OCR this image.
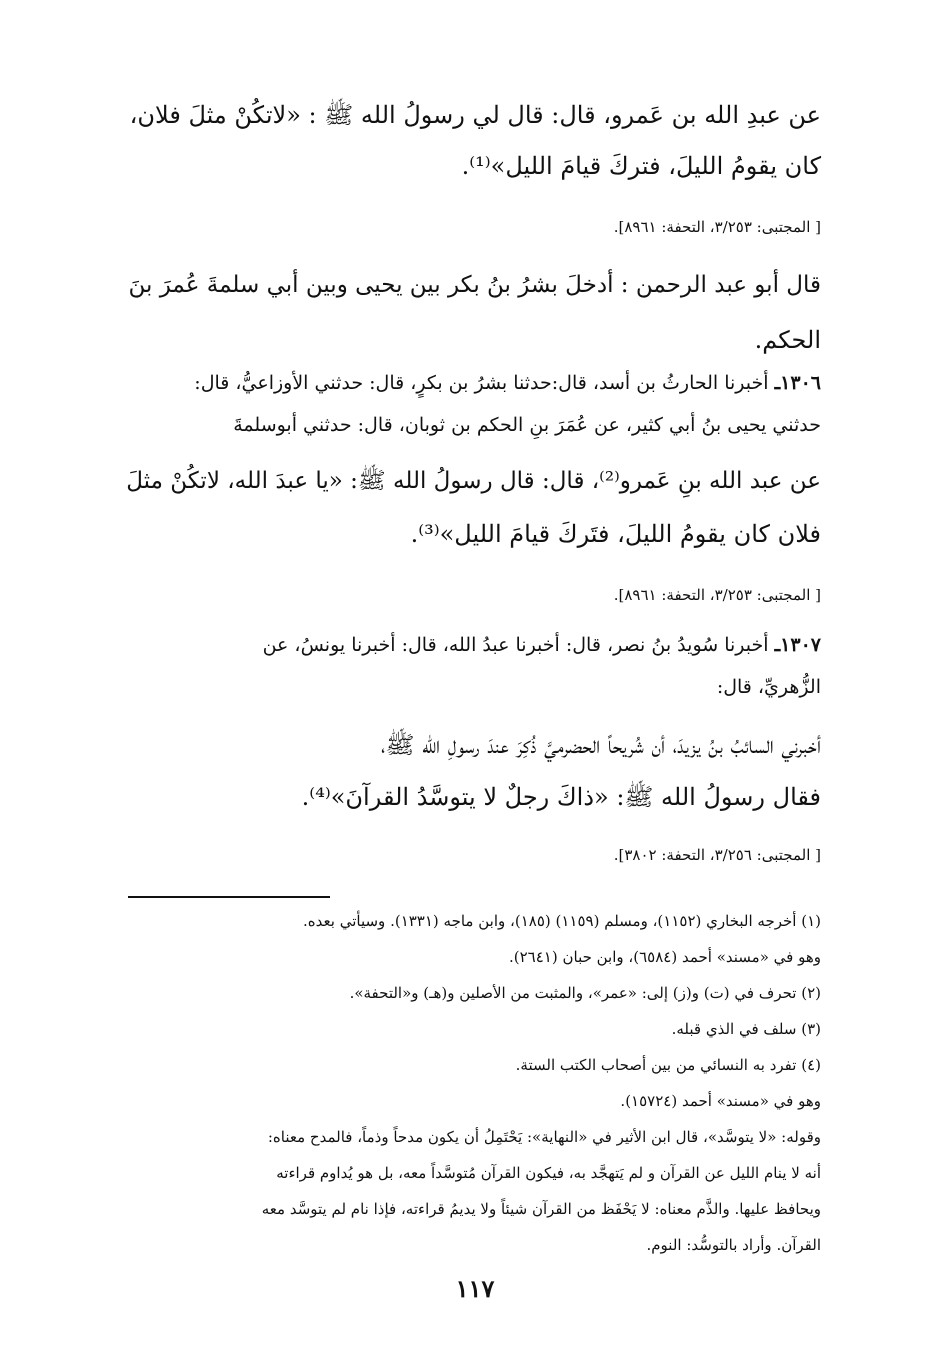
عن عبدِ الله بن عَمرو، قال: قال لي رسولُ الله ﷺ : «لاتكُنْ مثلَ فلان،
كان يقومُ الليلَ، فتركَ قيامَ الليل»⁽¹⁾.
[ المجتبى: ٣/٢٥٣، التحفة: ٨٩٦١].
قال أبو عبد الرحمن : أدخلَ بشرُ بنُ بكر بين يحيى وبين أبي سلمةَ عُمرَ بنَ
الحكم.
١٣٠٦ـ أخبرنا الحارثُ بن أسد، قال:حدثنا بشرُ بن بكرٍ، قال: حدثني الأوزاعيُّ، قال:
حدثني يحيى بنُ أبي كثير، عن عُمَرَ بنِ الحكم بن ثوبان، قال: حدثني أبوسلمةَ
عن عبد الله بنِ عَمرو⁽²⁾، قال: قال رسولُ الله ﷺ: «يا عبدَ الله، لاتكُنْ مثلَ
فلان كان يقومُ الليلَ، فتَركَ قيامَ الليل»⁽³⁾.
[ المجتبى: ٣/٢٥٣، التحفة: ٨٩٦١].
١٣٠٧ـ أخبرنا سُويدُ بنُ نصر، قال: أخبرنا عبدُ الله، قال: أخبرنا يونسُ، عن
الزُّهريِّ، قال:
أخبرني السائبُ بنُ يزيدَ، أن شُريحاً الحضرميَّ ذُكِرَ عندَ رسولِ الله ﷺ،
فقال رسولُ الله ﷺ: «ذاكَ رجلٌ لا يتوسَّدُ القرآنَ»⁽⁴⁾.
[ المجتبى: ٣/٢٥٦، التحفة: ٣٨٠٢].
(١) أخرجه البخاري (١١٥٢)، ومسلم (١١٥٩) (١٨٥)، وابن ماجه (١٣٣١). وسيأتي بعده.
وهو في «مسند» أحمد (٦٥٨٤)، وابن حبان (٢٦٤١).
(٢) تحرف في (ت) و(ز) إلى: «عمر»، والمثبت من الأصلين و(هـ) و«التحفة».
(٣) سلف في الذي قبله.
(٤) تفرد به النسائي من بين أصحاب الكتب الستة.
وهو في «مسند» أحمد (١٥٧٢٤).
وقوله: «لا يتوسَّد»، قال ابن الأثير في «النهاية»: يَحْتَمِلُ أن يكون مدحاً وذماً، فالمدح معناه:
أنه لا ينام الليل عن القرآن و لم يَتهجَّد به، فيكون القرآن مُتوسَّداً معه، بل هو يُداوم قراءته
ويحافظ عليها. والذَّم معناه: لا يَحْفَظ من القرآن شيئاً ولا يديمُ قراءته، فإذا نام لم يتوسَّد معه
القرآن. وأراد بالتوسُّد: النوم.
١١٧
